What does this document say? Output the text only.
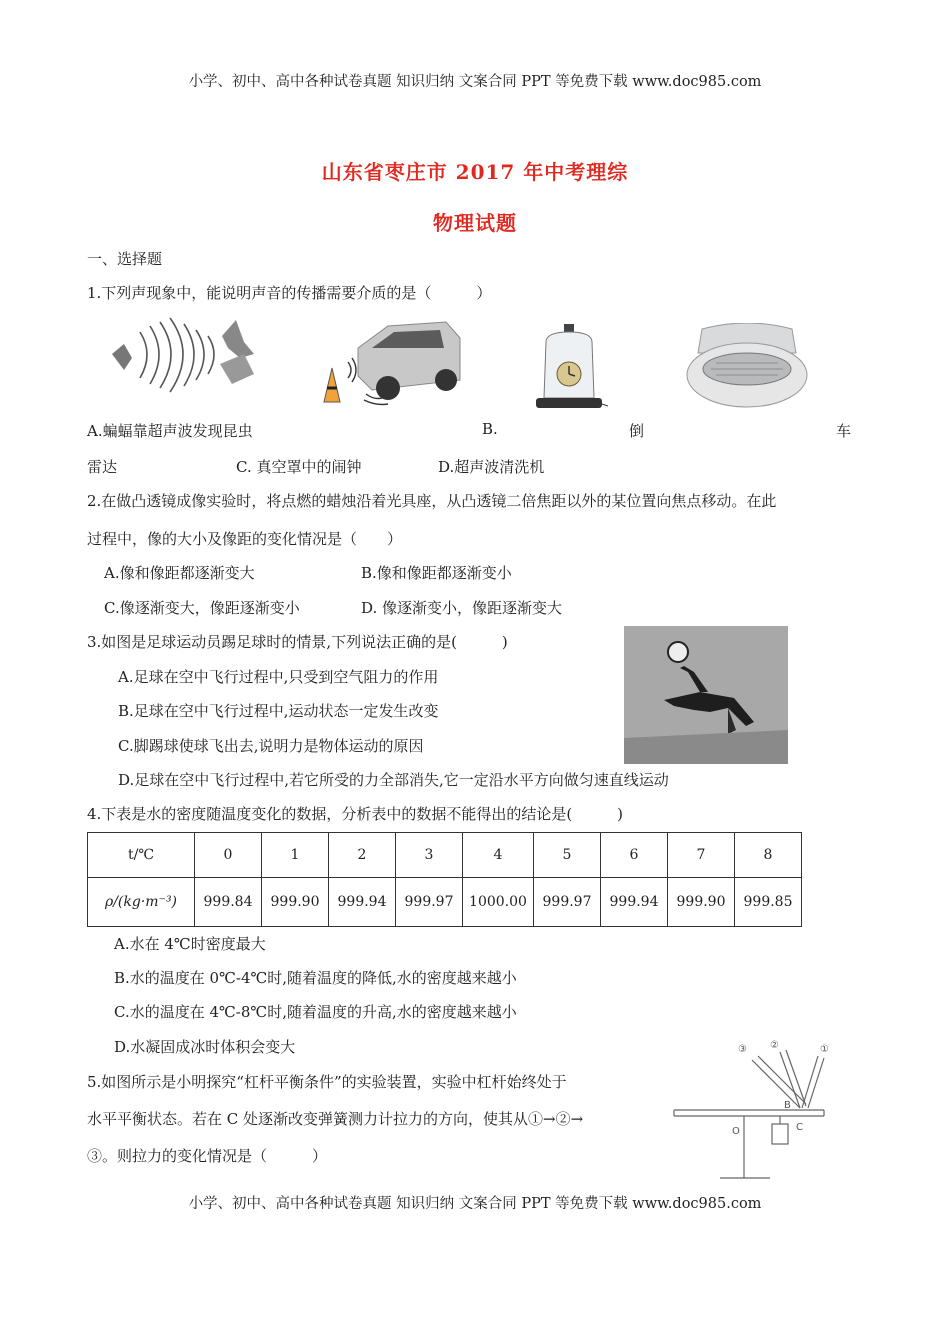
小学、初中、高中各种试卷真题 知识归纳 文案合同 PPT 等免费下载 www.doc985.com
山东省枣庄市 2017 年中考理综
物理试题
一、选择题
1.下列声现象中，能说明声音的传播需要介质的是（　　　）
A.蝙蝠靠超声波发现昆虫	B.	倒	车
雷达	C. 真空罩中的闹钟	D.超声波清洗机
2.在做凸透镜成像实验时，将点燃的蜡烛沿着光具座，从凸透镜二倍焦距以外的某位置向焦点移动。在此
过程中，像的大小及像距的变化情况是（　　）
A.像和像距都逐渐变大	B.像和像距都逐渐变小
C.像逐渐变大，像距逐渐变小	D. 像逐渐变小，像距逐渐变大
3.如图是足球运动员踢足球时的情景,下列说法正确的是(　　　)
A.足球在空中飞行过程中,只受到空气阻力的作用
B.足球在空中飞行过程中,运动状态一定发生改变
C.脚踢球使球飞出去,说明力是物体运动的原因
D.足球在空中飞行过程中,若它所受的力全部消失,它一定沿水平方向做匀速直线运动
4.下表是水的密度随温度变化的数据，分析表中的数据不能得出的结论是(　　　)
t/℃	0	1	2	3	4	5	6	7	8
ρ/(kg·m⁻³)	999.84	999.90	999.94	999.97	1000.00	999.97	999.94	999.90	999.85
A.水在 4℃时密度最大
B.水的温度在 0℃-4℃时,随着温度的降低,水的密度越来越小
C.水的温度在 4℃-8℃时,随着温度的升高,水的密度越来越小
D.水凝固成冰时体积会变大
5.如图所示是小明探究“杠杆平衡条件”的实验装置，实验中杠杆始终处于
水平平衡状态。若在 C 处逐渐改变弹簧测力计拉力的方向，使其从①→②→
③。则拉力的变化情况是（　　　）
O
B
C
③ ②	①
小学、初中、高中各种试卷真题 知识归纳 文案合同 PPT 等免费下载 www.doc985.com
